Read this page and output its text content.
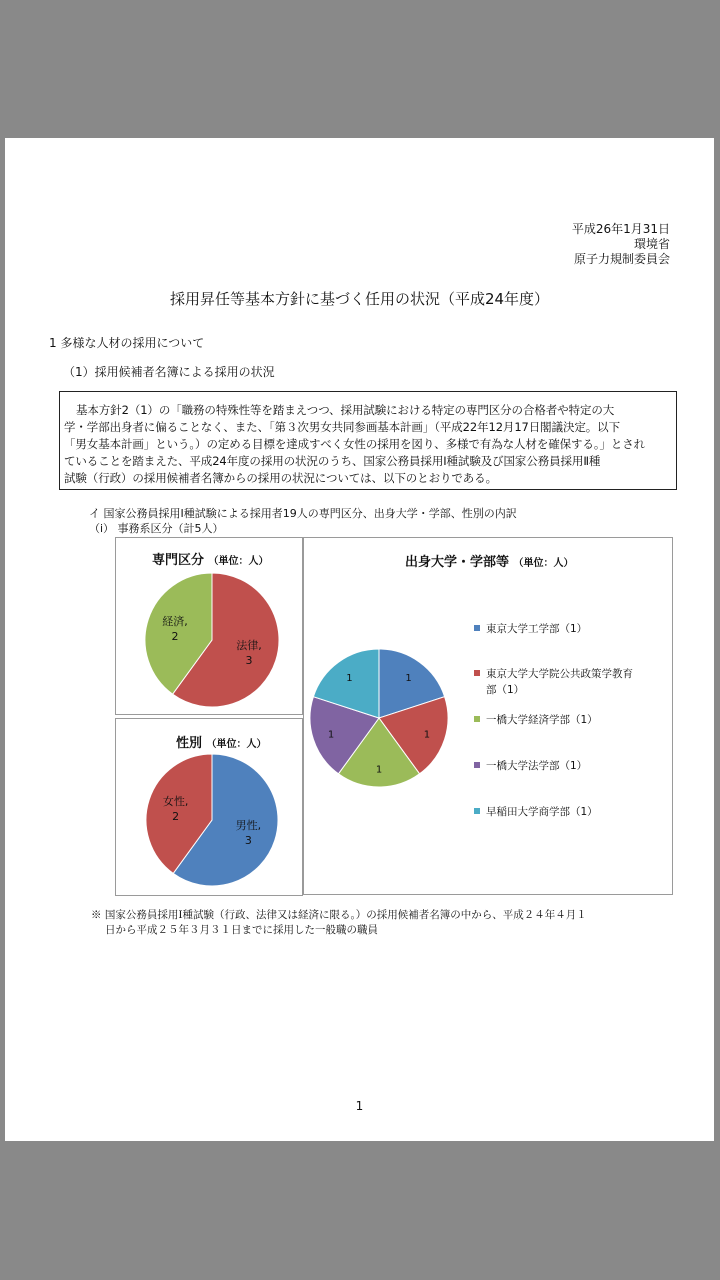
平成26年1月31日
環境省
原子力規制委員会
採用昇任等基本方針に基づく任用の状況（平成24年度）
1 多様な人材の採用について
（1）採用候補者名簿による採用の状況
基本方針2（1）の「職務の特殊性等を踏まえつつ、採用試験における特定の専門区分の合格者や特定の大
学・学部出身者に偏ることなく、また、「第３次男女共同参画基本計画」（平成22年12月17日閣議決定。以下
「男女基本計画」という。）の定める目標を達成すべく女性の採用を図り、多様で有為な人材を確保する。」とされ
ていることを踏まえた、平成24年度の採用の状況のうち、国家公務員採用Ⅰ種試験及び国家公務員採用Ⅱ種
試験（行政）の採用候補者名簿からの採用の状況については、以下のとおりである。
イ 国家公務員採用Ⅰ種試験による採用者19人の専門区分、出身大学・学部、性別の内訳
（ⅰ） 事務系区分（計5人）
専門区分 （単位：人）
法律,
3
経済,
2
性別 （単位：人）
男性,
3
女性,
2
出身大学・学部等 （単位：人）
1
1
1
1
1
東京大学工学部（1）
東京大学大学院公共政策学教育
部（1）
一橋大学経済学部（1）
一橋大学法学部（1）
早稲田大学商学部（1）
※ 国家公務員採用Ⅰ種試験（行政、法律又は経済に限る。）の採用候補者名簿の中から、平成２４年４月１
日から平成２５年３月３１日までに採用した一般職の職員
1
